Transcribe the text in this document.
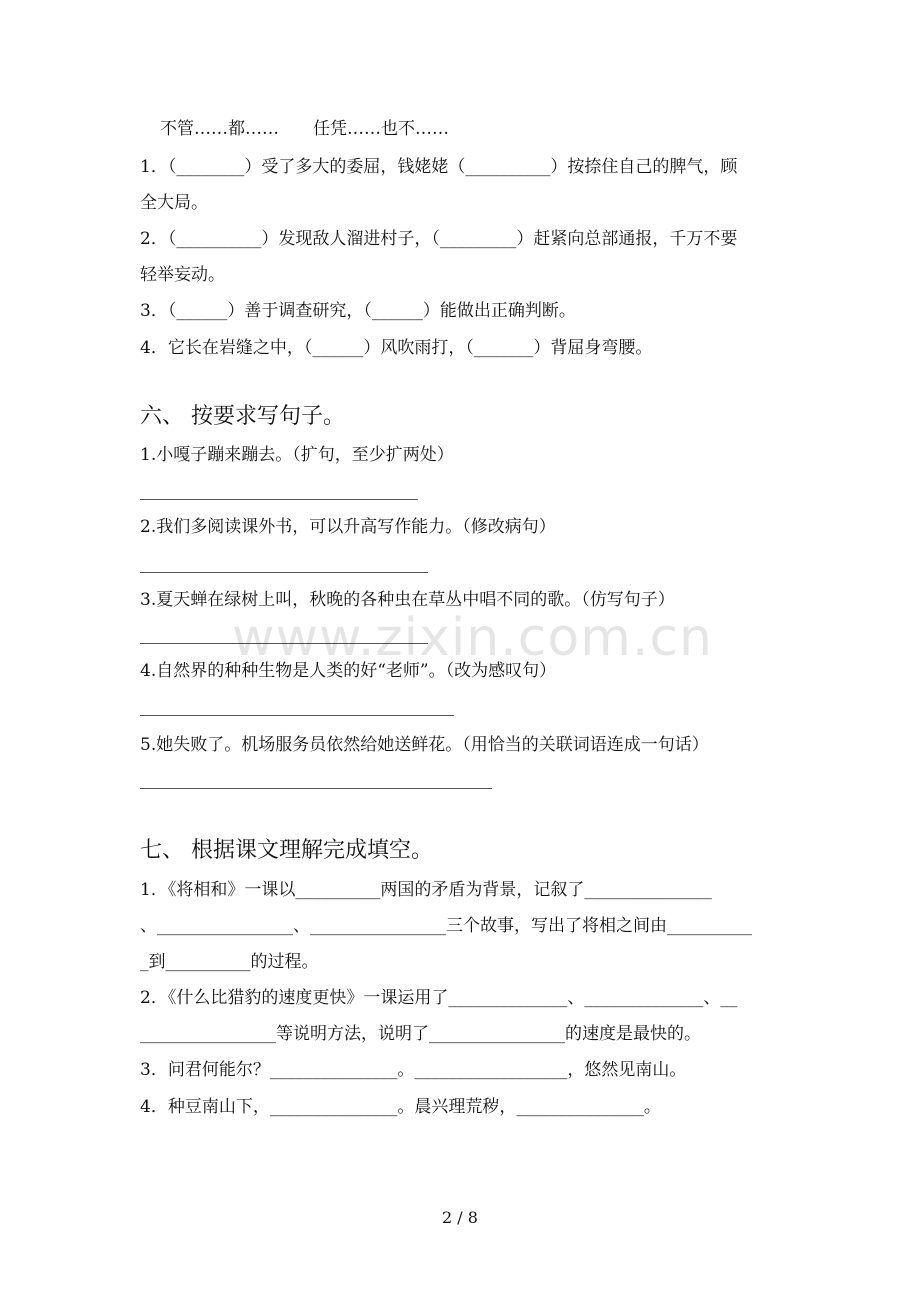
不管……都……　　任凭……也不……
1．（________）受了多大的委屈，钱姥姥（__________）按捺住自己的脾气，顾
全大局。
2．（__________）发现敌人溜进村子，（_________）赶紧向总部通报，千万不要
轻举妄动。
3．（______）善于调查研究，（______）能做出正确判断。
4．它长在岩缝之中，（______）风吹雨打，（_______）背屈身弯腰。
六、 按要求写句子。
1.小嘎子蹦来蹦去。（扩句，至少扩两处）
2.我们多阅读课外书，可以升高写作能力。（修改病句）
3.夏天蝉在绿树上叫，秋晚的各种虫在草丛中唱不同的歌。（仿写句子）
4.自然界的种种生物是人类的好“老师”。（改为感叹句）
5.她失败了。机场服务员依然给她送鲜花。（用恰当的关联词语连成一句话）
七、 根据课文理解完成填空。
1．《将相和》一课以__________两国的矛盾为背景，记叙了_______________
、________________、________________三个故事，写出了将相之间由__________
_到__________的过程。
2．《什么比猎豹的速度更快》一课运用了______________、______________、__
________________等说明方法，说明了________________的速度是最快的。
3．问君何能尔？_______________。__________________，悠然见南山。
4．种豆南山下，_______________。晨兴理荒秽，_______________。
www.zixin.com.cn
2 / 8
